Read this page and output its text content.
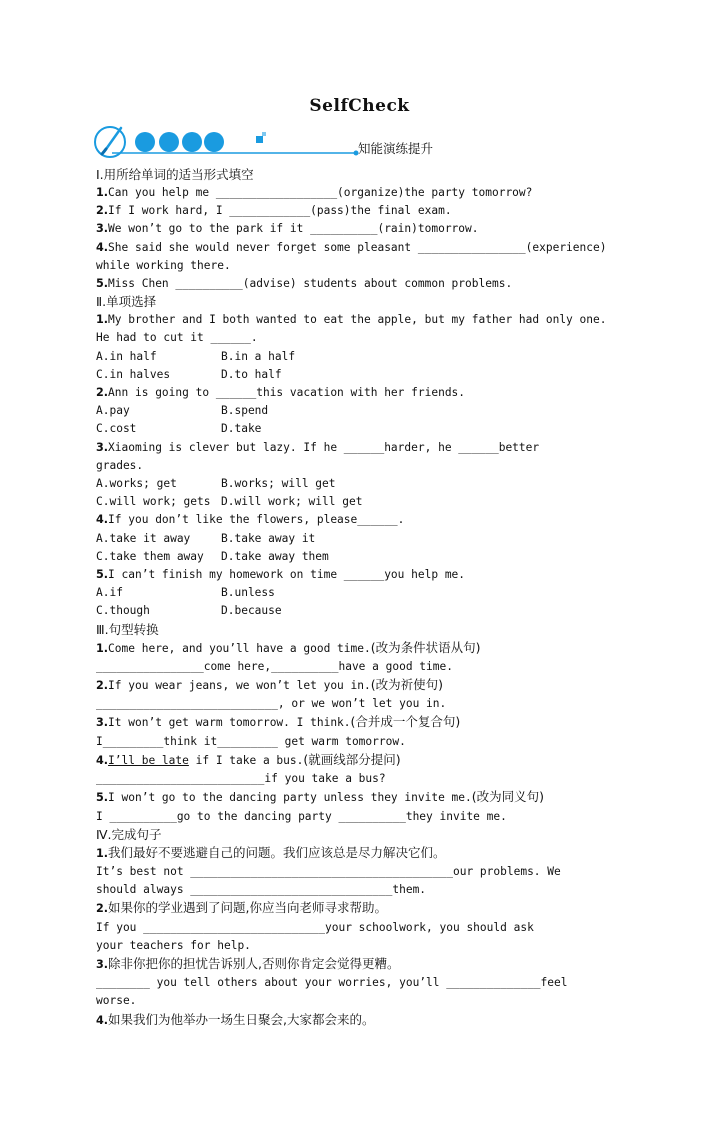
SelfCheck
知能演练提升
Ⅰ.用所给单词的适当形式填空
1.Can you help me __________________(organize)the party tomorrow?
2.If I work hard, I ____________(pass)the final exam.
3.We won’t go to the park if it __________(rain)tomorrow.
4.She said she would never forget some pleasant ________________(experience)
while working there.
5.Miss Chen __________(advise) students about common problems.
Ⅱ.单项选择
1.My brother and I both wanted to eat the apple, but my father had only one.
He had to cut it ______.
A.in half	B.in a half
C.in halves	D.to half
2.Ann is going to ______this vacation with her friends.
A.pay	B.spend
C.cost	D.take
3.Xiaoming is clever but lazy. If he ______harder, he ______better
grades.
A.works; get	B.works; will get
C.will work; gets D.will work; will get
4.If you don’t like the flowers, please______.
A.take it away	B.take away it
C.take them away D.take away them
5.I can’t finish my homework on time ______you help me.
A.if	B.unless
C.though	D.because
Ⅲ.句型转换
1.Come here, and you’ll have a good time.(改为条件状语从句)
________________come here,__________have a good time.
2.If you wear jeans, we won’t let you in.(改为祈使句)
___________________________, or we won’t let you in.
3.It won’t get warm tomorrow. I think.(合并成一个复合句)
I_________think it_________ get warm tomorrow.
4.I’ll be late if I take a bus.(就画线部分提问)
_________________________if you take a bus?
5.I won’t go to the dancing party unless they invite me.(改为同义句)
I __________go to the dancing party __________they invite me.
Ⅳ.完成句子
1.我们最好不要逃避自己的问题。我们应该总是尽力解决它们。
It’s best not _______________________________________our problems. We
should always ______________________________them.
2.如果你的学业遇到了问题,你应当向老师寻求帮助。
If you ___________________________your schoolwork, you should ask
your teachers for help.
3.除非你把你的担忧告诉别人,否则你肯定会觉得更糟。
________ you tell others about your worries, you’ll ______________feel
worse.
4.如果我们为他举办一场生日聚会,大家都会来的。
